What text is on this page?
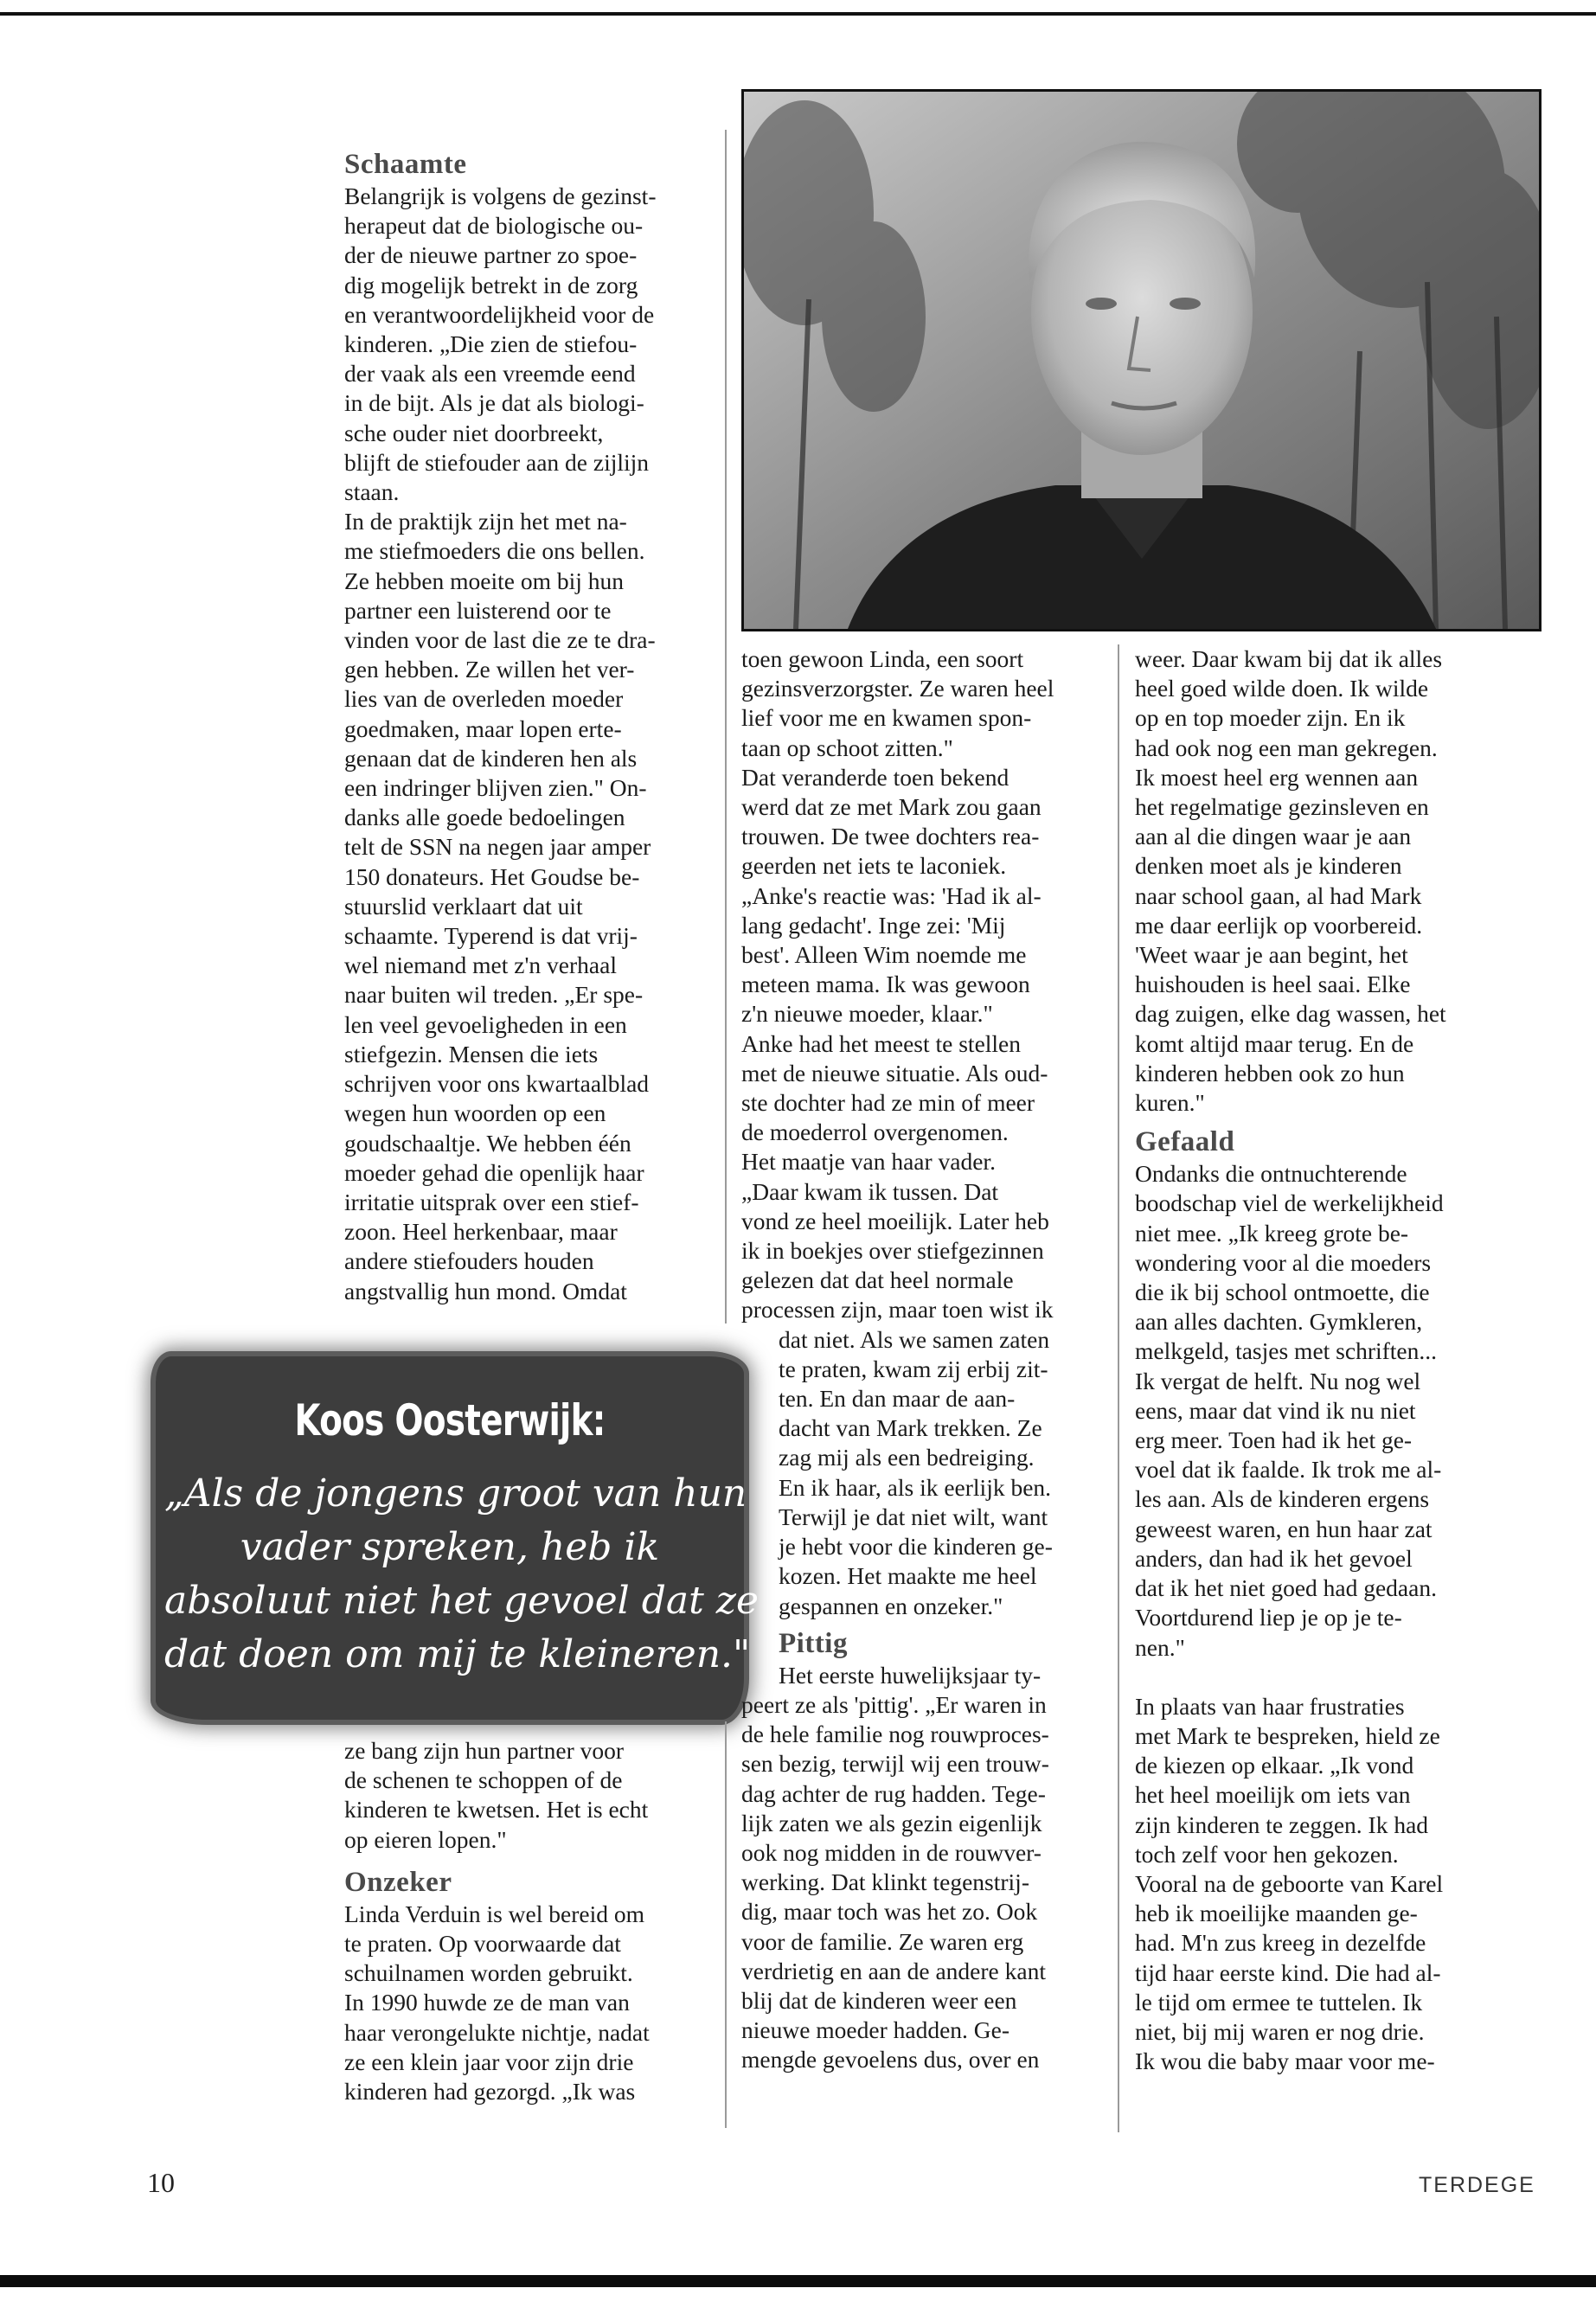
Schaamte

Belangrijk is volgens de gezinst-

herapeut dat de biologische ou-

der de nieuwe partner zo spoe-

dig mogelijk betrekt in de zorg

en verantwoordelijkheid voor de

kinderen. „Die zien de stiefou-

der vaak als een vreemde eend

in de bijt. Als je dat als biologi-

sche ouder niet doorbreekt,

blijft de stiefouder aan de zijlijn

staan.

In de praktijk zijn het met na-

me stiefmoeders die ons bellen.

Ze hebben moeite om bij hun

partner een luisterend oor te

vinden voor de last die ze te dra-

gen hebben. Ze willen het ver-

lies van de overleden moeder

goedmaken, maar lopen erte-

genaan dat de kinderen hen als

een indringer blijven zien." On-

danks alle goede bedoelingen

telt de SSN na negen jaar amper

150 donateurs. Het Goudse be-

stuurslid verklaart dat uit

schaamte. Typerend is dat vrij-

wel niemand met z'n verhaal

naar buiten wil treden. „Er spe-

len veel gevoeligheden in een

stiefgezin. Mensen die iets

schrijven voor ons kwartaalblad

wegen hun woorden op een

goudschaaltje. We hebben één

moeder gehad die openlijk haar

irritatie uitsprak over een stief-

zoon. Heel herkenbaar, maar

andere stiefouders houden

angstvallig hun mond. Omdat

Koos Oosterwijk:

„Als de jongens groot van hun
vader spreken, heb ik
absoluut niet het gevoel dat ze
dat doen om mij te kleineren."

ze bang zijn hun partner voor

de schenen te schoppen of de

kinderen te kwetsen. Het is echt

op eieren lopen."

Onzeker

Linda Verduin is wel bereid om

te praten. Op voorwaarde dat

schuilnamen worden gebruikt.

In 1990 huwde ze de man van

haar verongelukte nichtje, nadat

ze een klein jaar voor zijn drie

kinderen had gezorgd. „Ik was

toen gewoon Linda, een soort

gezinsverzorgster. Ze waren heel

lief voor me en kwamen spon-

taan op schoot zitten."

Dat veranderde toen bekend

werd dat ze met Mark zou gaan

trouwen. De twee dochters rea-

geerden net iets te laconiek.

„Anke's reactie was: 'Had ik al-

lang gedacht'. Inge zei: 'Mij

best'. Alleen Wim noemde me

meteen mama. Ik was gewoon

z'n nieuwe moeder, klaar."

Anke had het meest te stellen

met de nieuwe situatie. Als oud-

ste dochter had ze min of meer

de moederrol overgenomen.

Het maatje van haar vader.

„Daar kwam ik tussen. Dat

vond ze heel moeilijk. Later heb

ik in boekjes over stiefgezinnen

gelezen dat dat heel normale

processen zijn, maar toen wist ik

dat niet. Als we samen zaten

te praten, kwam zij erbij zit-

ten. En dan maar de aan-

dacht van Mark trekken. Ze

zag mij als een bedreiging.

En ik haar, als ik eerlijk ben.

Terwijl je dat niet wilt, want

je hebt voor die kinderen ge-

kozen. Het maakte me heel

gespannen en onzeker."

Pittig

Het eerste huwelijksjaar ty-

peert ze als 'pittig'. „Er waren in

de hele familie nog rouwproces-

sen bezig, terwijl wij een trouw-

dag achter de rug hadden. Tege-

lijk zaten we als gezin eigenlijk

ook nog midden in de rouwver-

werking. Dat klinkt tegenstrij-

dig, maar toch was het zo. Ook

voor de familie. Ze waren erg

verdrietig en aan de andere kant

blij dat de kinderen weer een

nieuwe moeder hadden. Ge-

mengde gevoelens dus, over en

weer. Daar kwam bij dat ik alles

heel goed wilde doen. Ik wilde

op en top moeder zijn. En ik

had ook nog een man gekregen.

Ik moest heel erg wennen aan

het regelmatige gezinsleven en

aan al die dingen waar je aan

denken moet als je kinderen

naar school gaan, al had Mark

me daar eerlijk op voorbereid.

'Weet waar je aan begint, het

huishouden is heel saai. Elke

dag zuigen, elke dag wassen, het

komt altijd maar terug. En de

kinderen hebben ook zo hun

kuren."

Gefaald

Ondanks die ontnuchterende

boodschap viel de werkelijkheid

niet mee. „Ik kreeg grote be-

wondering voor al die moeders

die ik bij school ontmoette, die

aan alles dachten. Gymkleren,

melkgeld, tasjes met schriften...

Ik vergat de helft. Nu nog wel

eens, maar dat vind ik nu niet

erg meer. Toen had ik het ge-

voel dat ik faalde. Ik trok me al-

les aan. Als de kinderen ergens

geweest waren, en hun haar zat

anders, dan had ik het gevoel

dat ik het niet goed had gedaan.

Voortdurend liep je op je te-

nen."

In plaats van haar frustraties

met Mark te bespreken, hield ze

de kiezen op elkaar. „Ik vond

het heel moeilijk om iets van

zijn kinderen te zeggen. Ik had

toch zelf voor hen gekozen.

Vooral na de geboorte van Karel

heb ik moeilijke maanden ge-

had. M'n zus kreeg in dezelfde

tijd haar eerste kind. Die had al-

le tijd om ermee te tuttelen. Ik

niet, bij mij waren er nog drie.

Ik wou die baby maar voor me-

10	TERDEGE
